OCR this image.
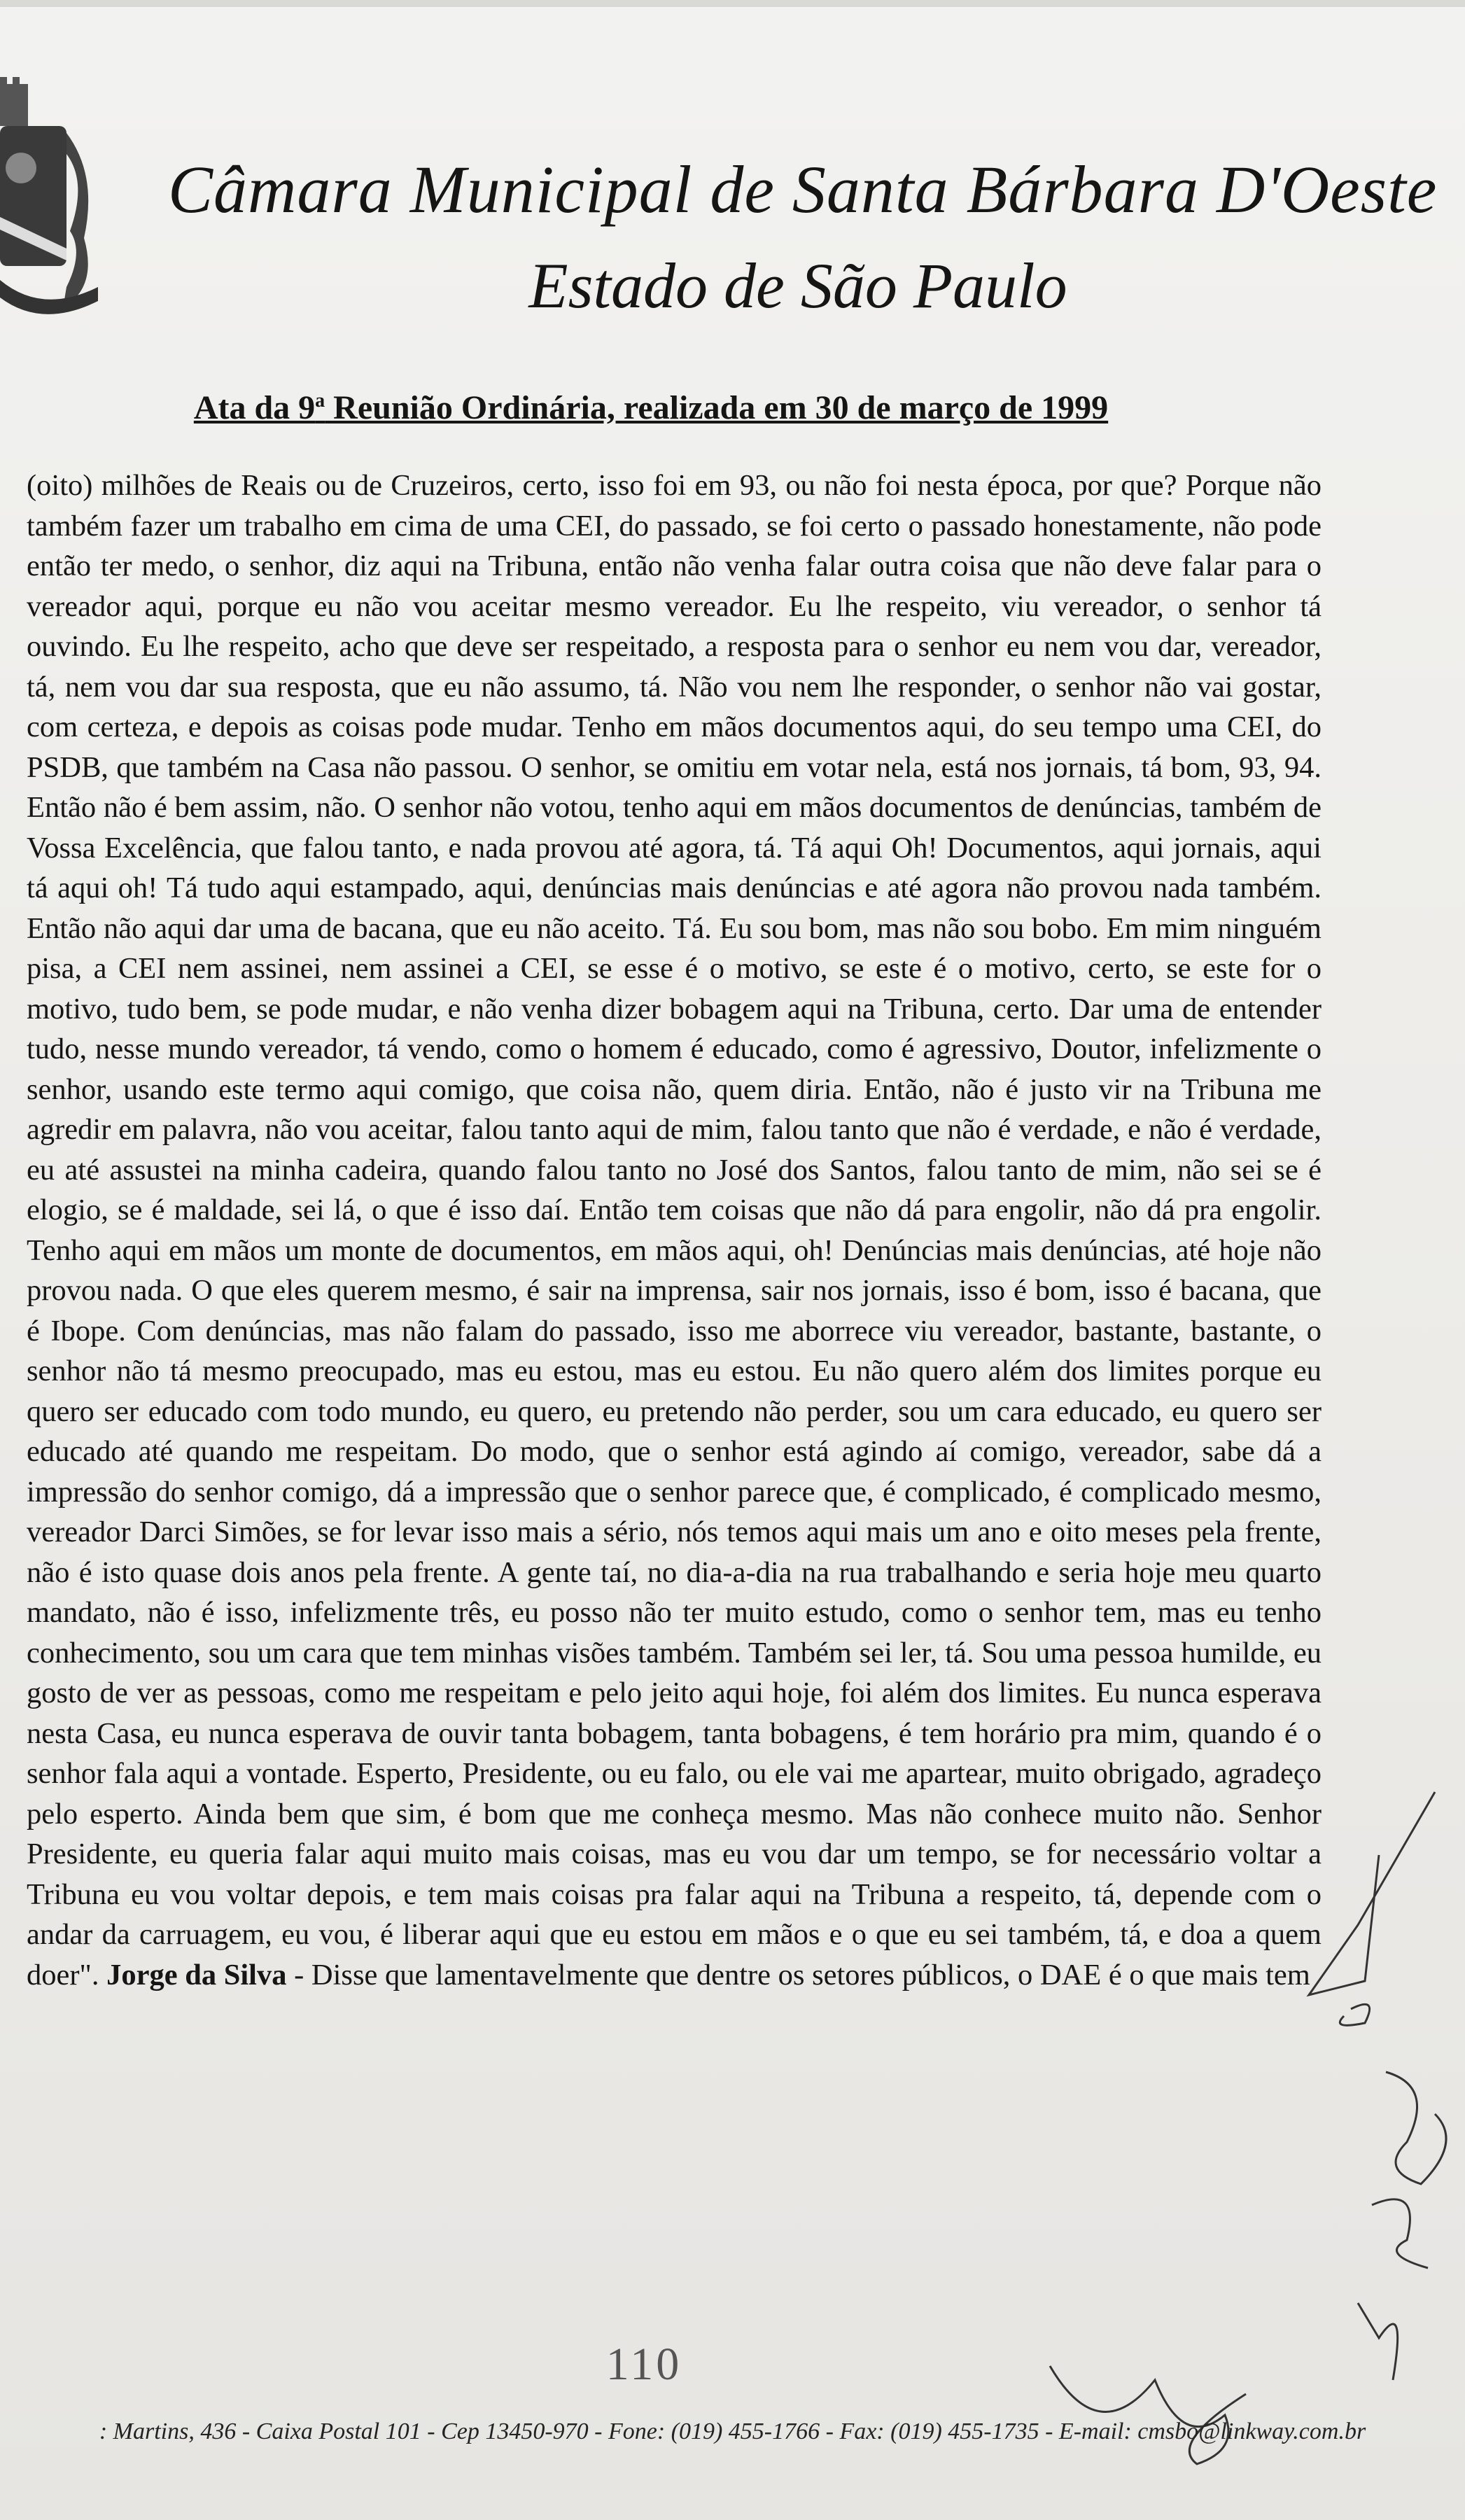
Câmara Municipal de Santa Bárbara D'Oeste
Estado de São Paulo
Ata da 9$^a$ Reunião Ordinária, realizada em 30 de março de 1999
(oito) milhões de Reais ou de Cruzeiros, certo, isso foi em 93, ou não foi nesta época, por que? Porque não também fazer um trabalho em cima de uma CEI, do passado, se foi certo o passado honestamente, não pode então ter medo, o senhor, diz aqui na Tribuna, então não venha falar outra coisa que não deve falar para o vereador aqui, porque eu não vou aceitar mesmo vereador. Eu lhe respeito, viu vereador, o senhor tá ouvindo. Eu lhe respeito, acho que deve ser respeitado, a resposta para o senhor eu nem vou dar, vereador, tá, nem vou dar sua resposta, que eu não assumo, tá. Não vou nem lhe responder, o senhor não vai gostar, com certeza, e depois as coisas pode mudar. Tenho em mãos documentos aqui, do seu tempo uma CEI, do PSDB, que também na Casa não passou. O senhor, se omitiu em votar nela, está nos jornais, tá bom, 93, 94. Então não é bem assim, não. O senhor não votou, tenho aqui em mãos documentos de denúncias, também de Vossa Excelência, que falou tanto, e nada provou até agora, tá. Tá aqui Oh! Documentos, aqui jornais, aqui tá aqui oh! Tá tudo aqui estampado, aqui, denúncias mais denúncias e até agora não provou nada também. Então não aqui dar uma de bacana, que eu não aceito. Tá. Eu sou bom, mas não sou bobo. Em mim ninguém pisa, a CEI nem assinei, nem assinei a CEI, se esse é o motivo, se este é o motivo, certo, se este for o motivo, tudo bem, se pode mudar, e não venha dizer bobagem aqui na Tribuna, certo. Dar uma de entender tudo, nesse mundo vereador, tá vendo, como o homem é educado, como é agressivo, Doutor, infelizmente o senhor, usando este termo aqui comigo, que coisa não, quem diria. Então, não é justo vir na Tribuna me agredir em palavra, não vou aceitar, falou tanto aqui de mim, falou tanto que não é verdade, e não é verdade, eu até assustei na minha cadeira, quando falou tanto no José dos Santos, falou tanto de mim, não sei se é elogio, se é maldade, sei lá, o que é isso daí. Então tem coisas que não dá para engolir, não dá pra engolir. Tenho aqui em mãos um monte de documentos, em mãos aqui, oh! Denúncias mais denúncias, até hoje não provou nada. O que eles querem mesmo, é sair na imprensa, sair nos jornais, isso é bom, isso é bacana, que é Ibope. Com denúncias, mas não falam do passado, isso me aborrece viu vereador, bastante, bastante, o senhor não tá mesmo preocupado, mas eu estou, mas eu estou. Eu não quero além dos limites porque eu quero ser educado com todo mundo, eu quero, eu pretendo não perder, sou um cara educado, eu quero ser educado até quando me respeitam. Do modo, que o senhor está agindo aí comigo, vereador, sabe dá a impressão do senhor comigo, dá a impressão que o senhor parece que, é complicado, é complicado mesmo, vereador Darci Simões, se for levar isso mais a sério, nós temos aqui mais um ano e oito meses pela frente, não é isto quase dois anos pela frente. A gente taí, no dia-a-dia na rua trabalhando e seria hoje meu quarto mandato, não é isso, infelizmente três, eu posso não ter muito estudo, como o senhor tem, mas eu tenho conhecimento, sou um cara que tem minhas visões também. Também sei ler, tá. Sou uma pessoa humilde, eu gosto de ver as pessoas, como me respeitam e pelo jeito aqui hoje, foi além dos limites. Eu nunca esperava nesta Casa, eu nunca esperava de ouvir tanta bobagem, tanta bobagens, é tem horário pra mim, quando é o senhor fala aqui a vontade. Esperto, Presidente, ou eu falo, ou ele vai me apartear, muito obrigado, agradeço pelo esperto. Ainda bem que sim, é bom que me conheça mesmo. Mas não conhece muito não. Senhor Presidente, eu queria falar aqui muito mais coisas, mas eu vou dar um tempo, se for necessário voltar a Tribuna eu vou voltar depois, e tem mais coisas pra falar aqui na Tribuna a respeito, tá, depende com o andar da carruagem, eu vou, é liberar aqui que eu estou em mãos e o que eu sei também, tá, e doa a quem doer". Jorge da Silva - Disse que lamentavelmente que dentre os setores públicos, o DAE é o que mais tem
110
: Martins, 436 - Caixa Postal 101 - Cep 13450-970 - Fone: (019) 455-1766 - Fax: (019) 455-1735 - E-mail: cmsbo@linkway.com.br
